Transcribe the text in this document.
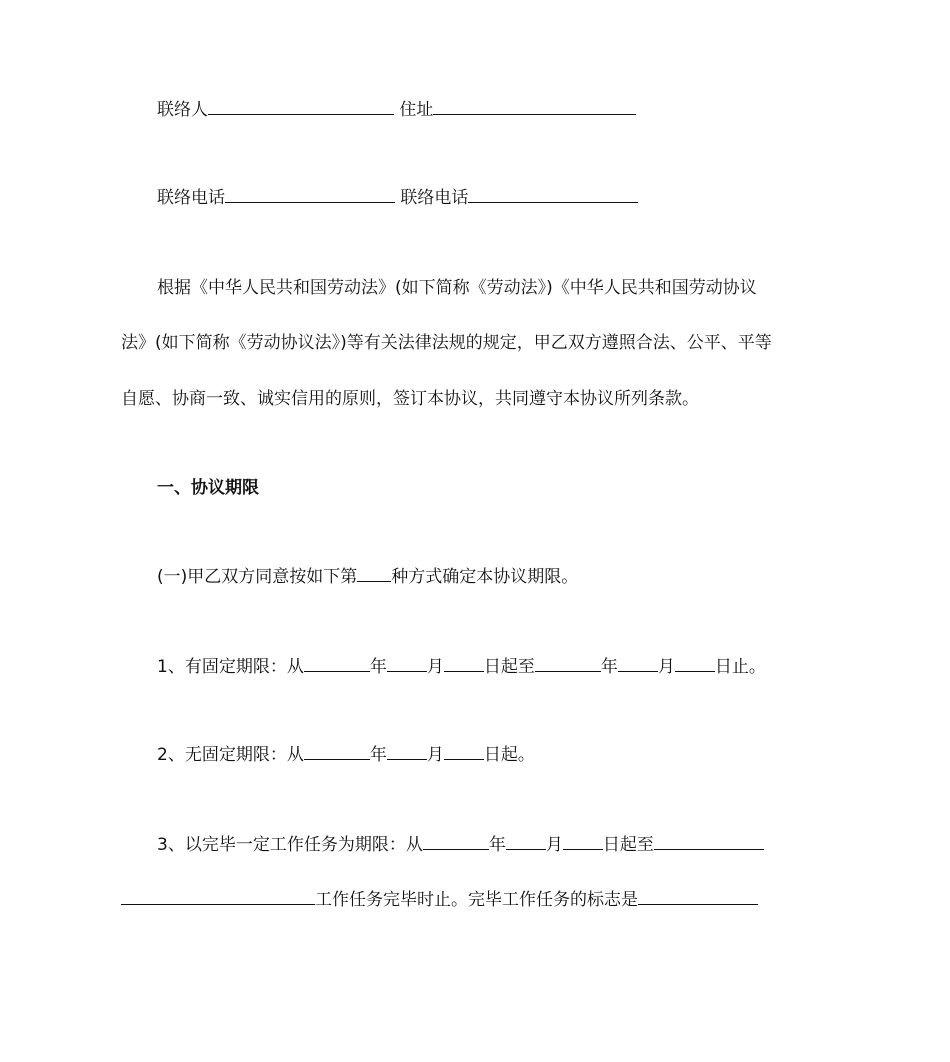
联络人	住址
联络电话	联络电话
根据《中华人民共和国劳动法》(如下简称《劳动法》)《中华人民共和国劳动协议
法》(如下简称《劳动协议法》)等有关法律法规的规定，甲乙双方遵照合法、公平、平等
自愿、协商一致、诚实信用的原则，签订本协议，共同遵守本协议所列条款。
一、协议期限
(一)甲乙双方同意按如下第 种方式确定本协议期限。
1、有固定期限：从	年 月 日起至	年 月 日止。
2、无固定期限：从	年 月 日起。
3、以完毕一定工作任务为期限：从	年 月 日起至
工作任务完毕时止。完毕工作任务的标志是
